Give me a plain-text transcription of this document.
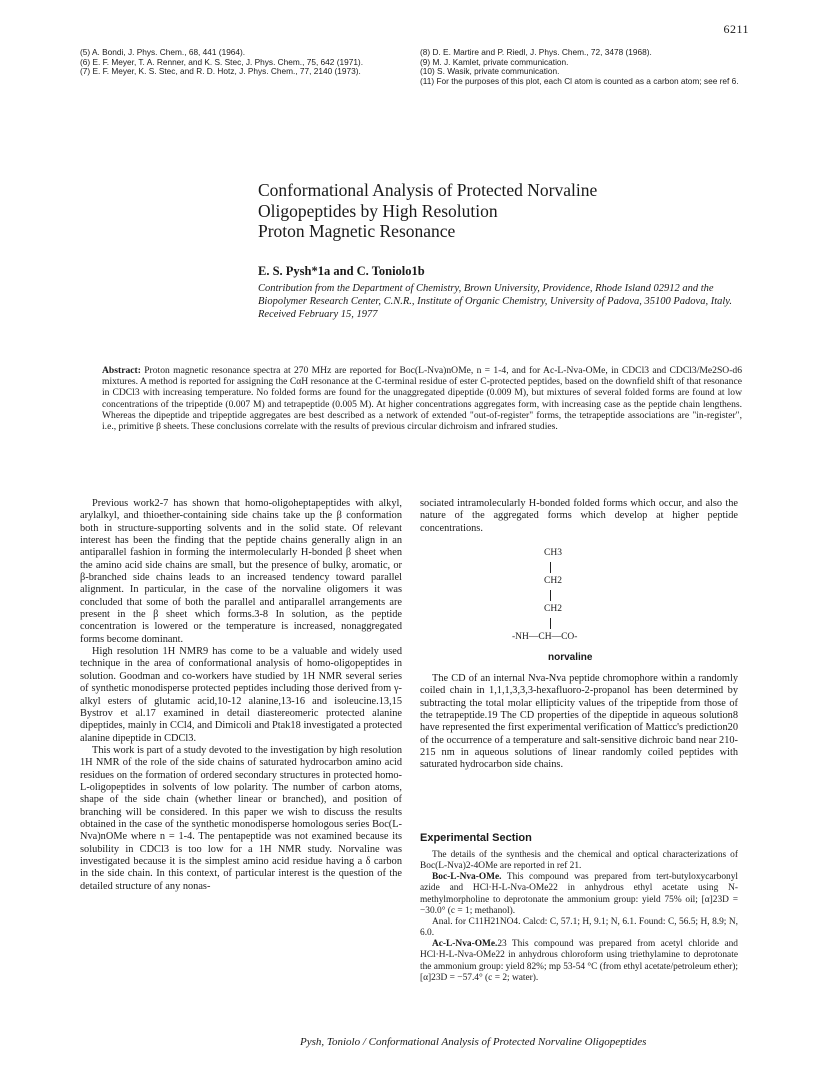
6211
(5) A. Bondi, J. Phys. Chem., 68, 441 (1964).
(6) E. F. Meyer, T. A. Renner, and K. S. Stec, J. Phys. Chem., 75, 642 (1971).
(7) E. F. Meyer, K. S. Stec, and R. D. Hotz, J. Phys. Chem., 77, 2140 (1973).
(8) D. E. Martire and P. Riedl, J. Phys. Chem., 72, 3478 (1968).
(9) M. J. Kamlet, private communication.
(10) S. Wasik, private communication.
(11) For the purposes of this plot, each Cl atom is counted as a carbon atom; see ref 6.
Conformational Analysis of Protected Norvaline
Oligopeptides by High Resolution
Proton Magnetic Resonance
E. S. Pysh*1a and C. Toniolo1b
Contribution from the Department of Chemistry, Brown University, Providence, Rhode Island 02912 and the Biopolymer Research Center, C.N.R., Institute of Organic Chemistry, University of Padova, 35100 Padova, Italy. Received February 15, 1977
Abstract: Proton magnetic resonance spectra at 270 MHz are reported for Boc(L-Nva)nOMe, n = 1-4, and for Ac-L-Nva-OMe, in CDCl3 and CDCl3/Me2SO-d6 mixtures. A method is reported for assigning the CαH resonance at the C-terminal residue of ester C-protected peptides, based on the downfield shift of that resonance in CDCl3 with increasing temperature. No folded forms are found for the unaggregated dipeptide (0.009 M), but mixtures of several folded forms are found at low concentrations of the tripeptide (0.007 M) and tetrapeptide (0.005 M). At higher concentrations aggregates form, with increasing case as the peptide chain lengthens. Whereas the dipeptide and tripeptide aggregates are best described as a network of extended "out-of-register" forms, the tetrapeptide associations are "in-register", i.e., primitive β sheets. These conclusions correlate with the results of previous circular dichroism and infrared studies.

Previous work2-7 has shown that homo-oligoheptapeptides with alkyl, arylalkyl, and thioether-containing side chains take up the β conformation both in structure-supporting solvents and in the solid state. Of relevant interest has been the finding that the peptide chains generally align in an antiparallel fashion in forming the intermolecularly H-bonded β sheet when the amino acid side chains are small, but the presence of bulky, aromatic, or β-branched side chains leads to an increased tendency toward parallel alignment. In particular, in the case of the norvaline oligomers it was concluded that some of both the parallel and antiparallel arrangements are present in the β sheet which forms.3-8 In solution, as the peptide concentration is lowered or the temperature is increased, nonaggregated forms become dominant.

High resolution 1H NMR9 has come to be a valuable and widely used technique in the area of conformational analysis of homo-oligopeptides in solution. Goodman and co-workers have studied by 1H NMR several series of synthetic monodisperse protected peptides including those derived from γ-alkyl esters of glutamic acid,10-12 alanine,13-16 and isoleucine.13,15 Bystrov et al.17 examined in detail diastereomeric protected alanine dipeptides, mainly in CCl4, and Dimicoli and Ptak18 investigated a protected alanine dipeptide in CDCl3.

This work is part of a study devoted to the investigation by high resolution 1H NMR of the role of the side chains of saturated hydrocarbon amino acid residues on the formation of ordered secondary structures in protected homo-L-oligopeptides in solvents of low polarity. The number of carbon atoms, shape of the side chain (whether linear or branched), and position of branching will be considered. In this paper we wish to discuss the results obtained in the case of the synthetic monodisperse homologous series Boc(L-Nva)nOMe where n = 1-4. The pentapeptide was not examined because its solubility in CDCl3 is too low for a 1H NMR study. Norvaline was investigated because it is the simplest amino acid residue having a δ carbon in the side chain. In this context, of particular interest is the question of the detailed structure of any nonas-

sociated intramolecularly H-bonded folded forms which occur, and also the nature of the aggregated forms which develop at higher peptide concentrations.
CH3
CH2
CH2
-NH—CH—CO-
norvaline

The CD of an internal Nva-Nva peptide chromophore within a randomly coiled chain in 1,1,1,3,3,3-hexafluoro-2-propanol has been determined by subtracting the total molar ellipticity values of the tripeptide from those of the tetrapeptide.19 The CD properties of the dipeptide in aqueous solution8 have represented the first experimental verification of Matticc's prediction20 of the occurrence of a temperature and salt-sensitive dichroic band near 210-215 nm in aqueous solutions of linear randomly coiled peptides with saturated hydrocarbon side chains.

Experimental Section

The details of the synthesis and the chemical and optical characterizations of Boc(L-Nva)2-4OMe are reported in ref 21.

Boc-L-Nva-OMe. This compound was prepared from tert-butyloxycarbonyl azide and HCl·H-L-Nva-OMe22 in anhydrous ethyl acetate using N-methylmorpholine to deprotonate the ammonium group: yield 75% oil; [α]23D = −30.0° (c = 1; methanol).

Anal. for C11H21NO4. Calcd: C, 57.1; H, 9.1; N, 6.1. Found: C, 56.5; H, 8.9; N, 6.0.

Ac-L-Nva-OMe.23 This compound was prepared from acetyl chloride and HCl·H-L-Nva-OMe22 in anhydrous chloroform using triethylamine to deprotonate the ammonium group: yield 82%; mp 53-54 °C (from ethyl acetate/petroleum ether); [α]23D = −57.4° (c = 2; water).

Pysh, Toniolo / Conformational Analysis of Protected Norvaline Oligopeptides
